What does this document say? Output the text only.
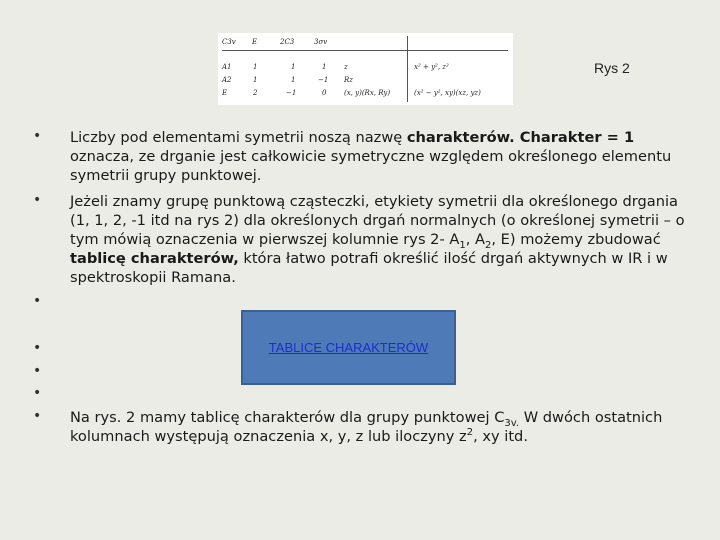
C3v E	2C3	3σv
A1	1	1	1	z	x² + y², z²
A2	1	1	−1 Rz
E	2	−1	0	(x, y)(Rx, Ry)	(x² − y², xy)(xz, yz)
Rys 2
•
•
•
•
•
•
•
Liczby pod elementami symetrii noszą nazwę charakterów. Charakter = 1 oznacza, ze drganie jest całkowicie symetryczne względem określonego elementu symetrii grupy punktowej.
Jeżeli znamy grupę punktową cząsteczki, etykiety symetrii dla określonego drgania (1, 1, 2, -1 itd na rys 2) dla określonych drgań normalnych (o określonej symetrii – o tym mówią oznaczenia w pierwszej kolumnie rys 2- $A_1$, $A_2$, E) możemy zbudować tablicę charakterów, która łatwo potrafi określić ilość drgań aktywnych w IR i w spektroskopii Ramana.
TABLICE CHARAKTERÓW
Na rys. 2 mamy tablicę charakterów dla grupy punktowej $C_{3v.}$ W dwóch ostatnich kolumnach występują oznaczenia x, y, z lub iloczyny $z^2$, xy itd.
